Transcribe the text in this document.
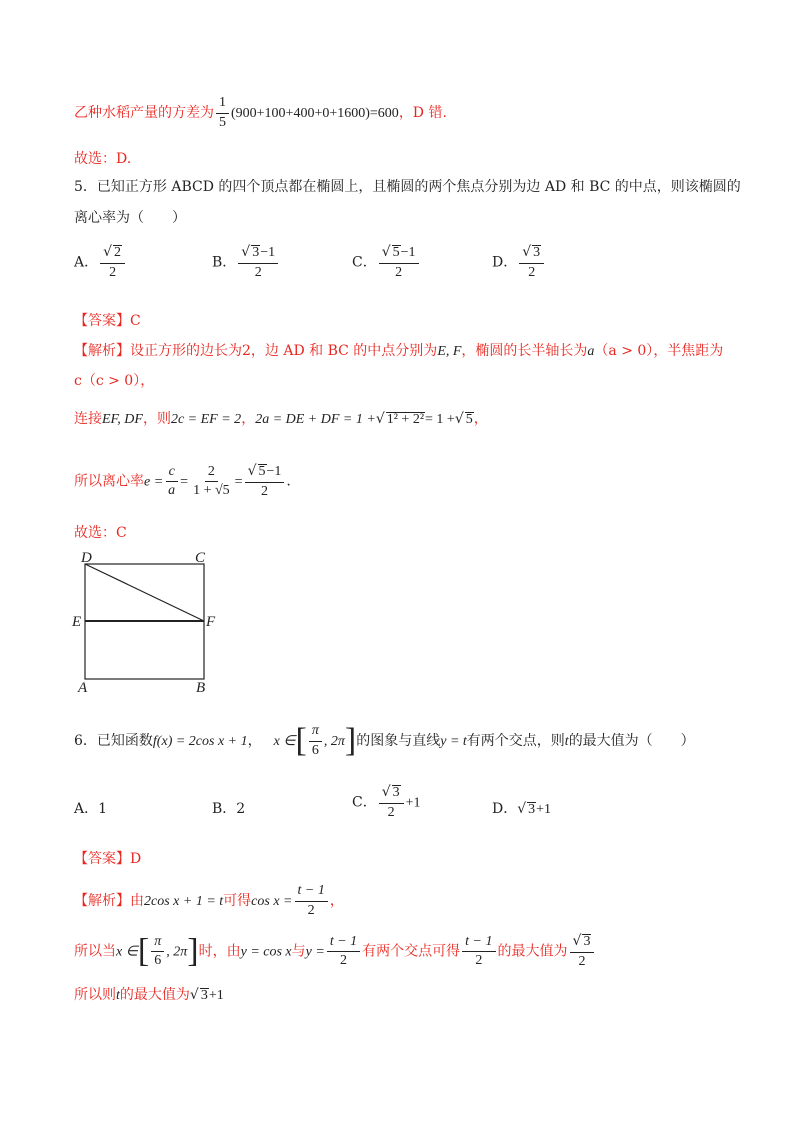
乙种水稻产量的方差为 $\frac{1}{5} (900+100+400+0+1600)=600$，D 错.
故选：D.
5．已知正方形 ABCD 的四个顶点都在椭圆上，且椭圆的两个焦点分别为边 AD 和 BC 的中点，则该椭圆的
离心率为（　　）
A． $\frac{√ 2}{2}$	B． $\frac{√ 3-1}{2}$	C． $\frac{√ 5-1}{2}$	D． $\frac{√ 3}{2}$
【答案】C
【解析】设正方形的边长为2，边 AD 和 BC 的中点分别为E, F，椭圆的长半轴长为a（a > 0），半焦距为
c（c > 0），
连接EF, DF，则2c = EF = 2，2a = DE + DF = 1 +√ 1² + 2²= 1 +√ 5，
所以离心率$e = \frac{c}{a} = \frac{2}{1 + √5} = \frac{√ 5-1}{2}$ .
故选：C
D	C
E	F
A	B
6．已知函数f(x) = 2cos x + 1， x ∈[ $\frac{\pi}{6}$ , 2π]的图象与直线y = t有两个交点，则t的最大值为（　　）
A．1	B．2	C． $\frac{√ 3}{2} +1$	D．√ 3+1
【答案】D
【解析】由2cos x + 1 = t可得$\cos x = \frac{t - 1}{2}$ ，
所以当x ∈[ $\frac{\pi}{6}$ , 2π]时，由y = cos x与$y = \frac{t - 1}{2}$ 有两个交点可得 $\frac{t - 1}{2}$ 的最大值为 $\frac{√ 3}{2}$
所以则t的最大值为√ 3+1
